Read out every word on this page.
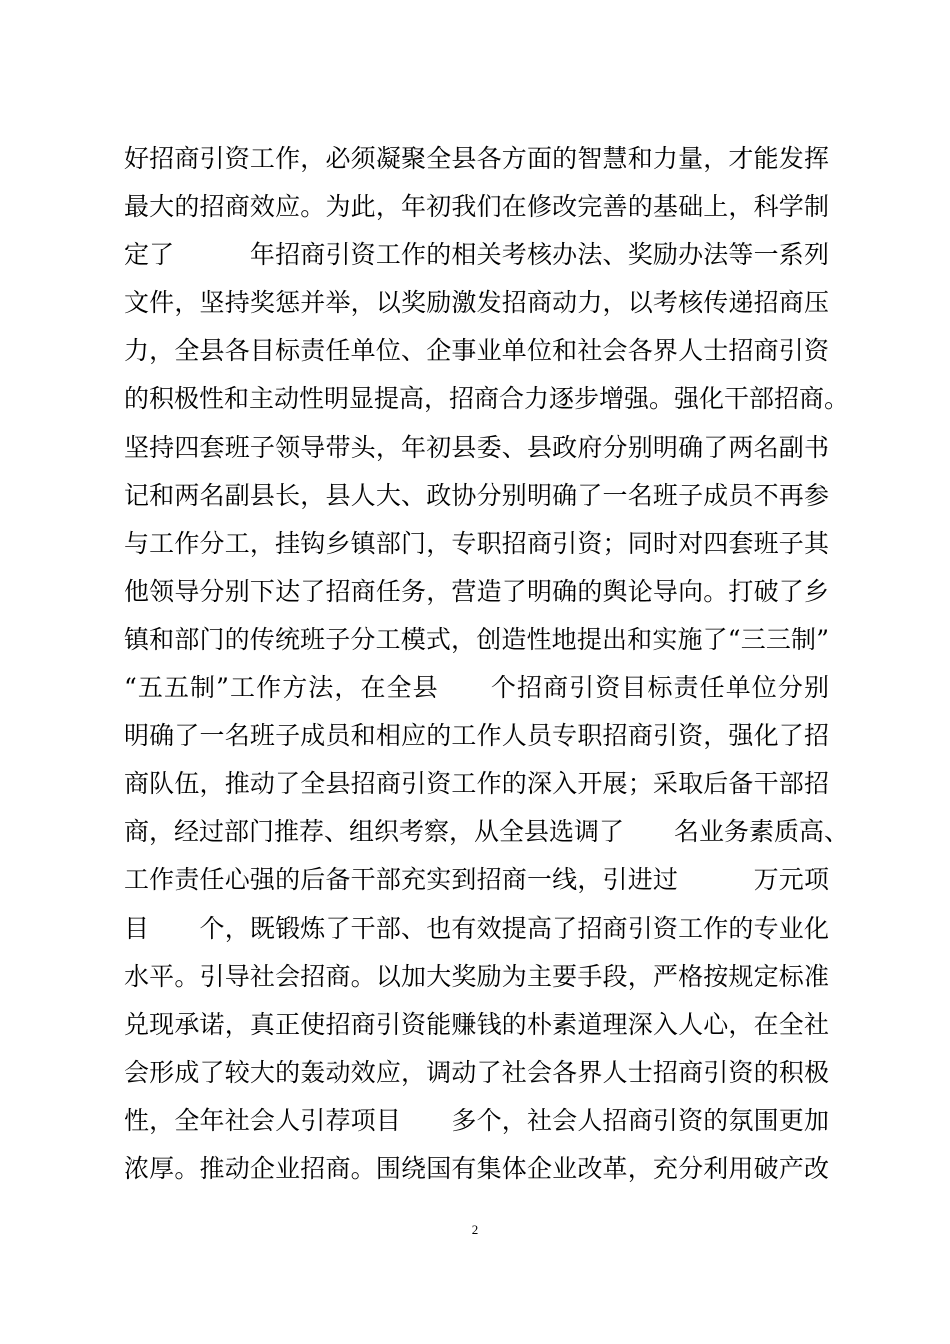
好招商引资工作，必须凝聚全县各方面的智慧和力量，才能发挥
最大的招商效应。为此，年初我们在修改完善的基础上，科学制
定了　　　年招商引资工作的相关考核办法、奖励办法等一系列
文件，坚持奖惩并举，以奖励激发招商动力，以考核传递招商压
力，全县各目标责任单位、企事业单位和社会各界人士招商引资
的积极性和主动性明显提高，招商合力逐步增强。强化干部招商。
坚持四套班子领导带头，年初县委、县政府分别明确了两名副书
记和两名副县长，县人大、政协分别明确了一名班子成员不再参
与工作分工，挂钩乡镇部门，专职招商引资；同时对四套班子其
他领导分别下达了招商任务，营造了明确的舆论导向。打破了乡
镇和部门的传统班子分工模式，创造性地提出和实施了“三三制”
“五五制”工作方法，在全县　　个招商引资目标责任单位分别
明确了一名班子成员和相应的工作人员专职招商引资，强化了招
商队伍，推动了全县招商引资工作的深入开展；采取后备干部招
商，经过部门推荐、组织考察，从全县选调了　　名业务素质高、
工作责任心强的后备干部充实到招商一线，引进过　　　万元项
目　　个，既锻炼了干部、也有效提高了招商引资工作的专业化
水平。引导社会招商。以加大奖励为主要手段，严格按规定标准
兑现承诺，真正使招商引资能赚钱的朴素道理深入人心，在全社
会形成了较大的轰动效应，调动了社会各界人士招商引资的积极
性，全年社会人引荐项目　　多个，社会人招商引资的氛围更加
浓厚。推动企业招商。围绕国有集体企业改革，充分利用破产改
2
